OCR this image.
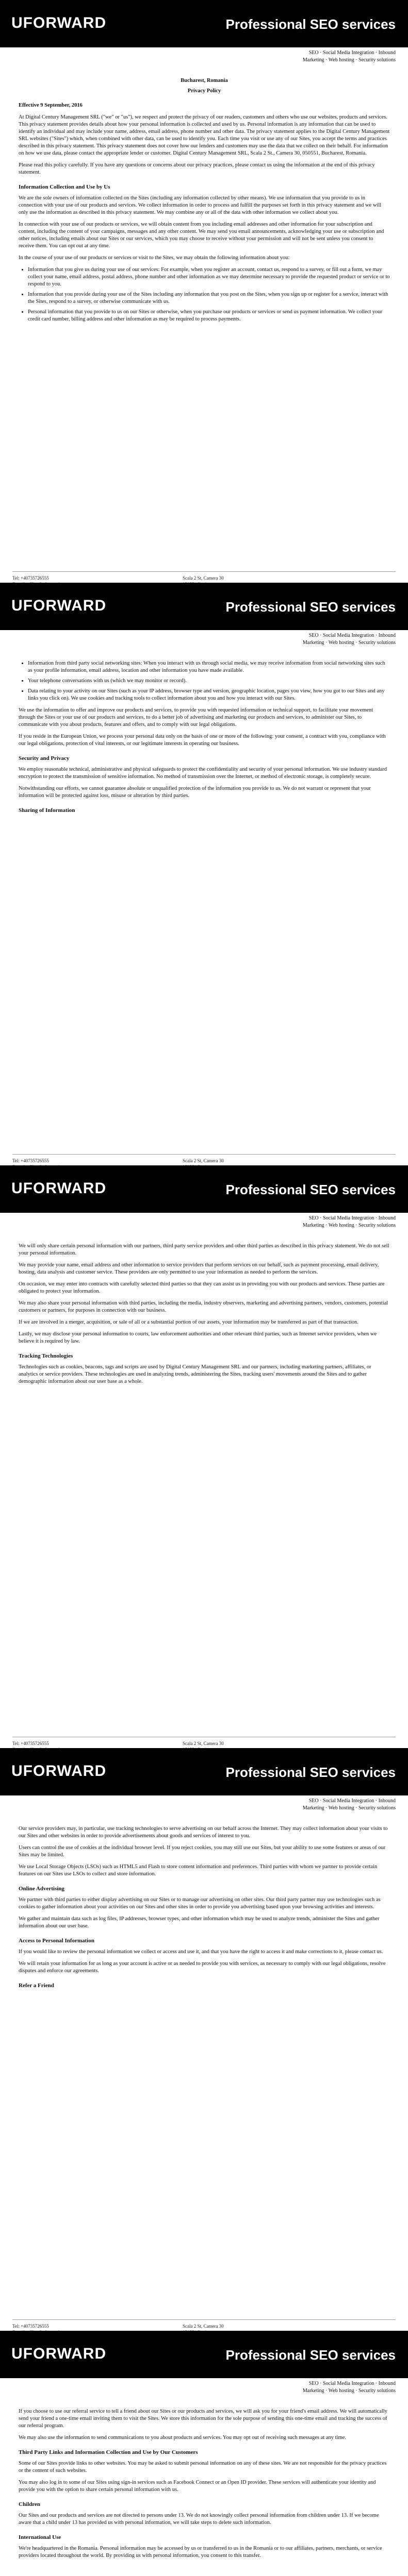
UFORWARD	Professional SEO services
SEO · Social Media Integration · Inbound
Marketing · Web hosting · Security solutions
Bucharest, Romania
Privacy Policy

Effective 9 September, 2016

At Digital Century Management SRL ("we" or "us"), we respect and protect the privacy of our readers, customers and others who use our websites, products and services. This privacy statement provides details about how your personal information is collected and used by us. Personal information is any information that can be used to identify an individual and may include your name, address, email address, phone number and other data. The privacy statement applies to the Digital Century Management SRL websites ("Sites") which, when combined with other data, can be used to identify you. Each time you visit or use any of our Sites, you accept the terms and practices described in this privacy statement. This privacy statement does not cover how our lenders and customers may use the data that we collect on their behalf. For information on how we use data, please contact the appropriate lender or customer. Digital Century Management SRL, Scala 2 St., Camera 30, 050551, Bucharest, Romania.

Please read this policy carefully. If you have any questions or concerns about our privacy practices, please contact us using the information at the end of this privacy statement.

Information Collection and Use by Us

We are the sole owners of information collected on the Sites (including any information collected by other means). We use information that you provide to us in connection with your use of our products and services. We collect information in order to process and fulfill the purposes set forth in this privacy statement and we will only use the information as described in this privacy statement. We may combine any or all of the data with other information we collect about you.

In connection with your use of our products or services, we will obtain content from you including email addresses and other information for your subscription and content, including the content of your campaigns, messages and any other content. We may send you email announcements, acknowledging your use or subscription and other notices, including emails about our Sites or our services, which you may choose to receive without your permission and will not be sent unless you consent to receive them. You can opt out at any time.

In the course of your use of our products or services or visit to the Sites, we may obtain the following information about you:

• Information that you give us during your use of our services: For example, when you register an account, contact us, respond to a survey, or fill out a form, we may collect your name, email address, postal address, phone number and other information as we may determine necessary to provide the requested product or service or to respond to you.
• Information that you provide during your use of the Sites including any information that you post on the Sites, when you sign up or register for a service, interact with the Sites, respond to a survey, or otherwise communicate with us.
• Personal information that you provide to us on our Sites or otherwise, when you purchase our products or services or send us payment information. We collect your credit card number, billing address and other information as may be required to process payments.
Tel: +40735726555	Scala 2 St, Camera 30
UFORWARD	Professional SEO services
SEO · Social Media Integration · Inbound
Marketing · Web hosting · Security solutions
• Information from third party social networking sites: When you interact with us through social media, we may receive information from social networking sites such as your profile information, email address, location and other information you have made available.
• Your telephone conversations with us (which we may monitor or record).
• Data relating to your activity on our Sites (such as your IP address, browser type and version, geographic location, pages you view, how you got to our Sites and any links you click on). We use cookies and tracking tools to collect information about you and how you interact with our Sites.

We use the information to offer and improve our products and services, to provide you with requested information or technical support, to facilitate your movement through the Sites or your use of our products and services, to do a better job of advertising and marketing our products and services, to administer our Sites, to communicate with you about products, features and offers, and to comply with our legal obligations.

If you reside in the European Union, we process your personal data only on the basis of one or more of the following: your consent, a contract with you, compliance with our legal obligations, protection of vital interests, or our legitimate interests in operating our business.

Security and Privacy

We employ reasonable technical, administrative and physical safeguards to protect the confidentiality and security of your personal information. We use industry standard encryption to protect the transmission of sensitive information. No method of transmission over the Internet, or method of electronic storage, is completely secure.

Notwithstanding our efforts, we cannot guarantee absolute or unqualified protection of the information you provide to us. We do not warrant or represent that your information will be protected against loss, misuse or alteration by third parties.

Sharing of Information
Tel: +40735726555	Scala 2 St, Camera 30
UFORWARD	Professional SEO services
SEO · Social Media Integration · Inbound
Marketing · Web hosting · Security solutions

We will only share certain personal information with our partners, third party service providers and other third parties as described in this privacy statement. We do not sell your personal information.

We may provide your name, email address and other information to service providers that perform services on our behalf, such as payment processing, email delivery, hosting, data analysis and customer service. These providers are only permitted to use your information as needed to perform the services.

On occasion, we may enter into contracts with carefully selected third parties so that they can assist us in providing you with our products and services. These parties are obligated to protect your information.

We may also share your personal information with third parties, including the media, industry observers, marketing and advertising partners, vendors, customers, potential customers or partners, for purposes in connection with our business.

If we are involved in a merger, acquisition, or sale of all or a substantial portion of our assets, your information may be transferred as part of that transaction.

Lastly, we may disclose your personal information to courts, law enforcement authorities and other relevant third parties, such as Internet service providers, when we believe it is required by law.

Tracking Technologies

Technologies such as cookies, beacons, tags and scripts are used by Digital Century Management SRL and our partners, including marketing partners, affiliates, or analytics or service providers. These technologies are used in analyzing trends, administering the Sites, tracking users' movements around the Sites and to gather demographic information about our user base as a whole.

Tel: +40735726555	Scala 2 St, Camera 30
UFORWARD	Professional SEO services
SEO · Social Media Integration · Inbound
Marketing · Web hosting · Security solutions

Our service providers may, in particular, use tracking technologies to serve advertising on our behalf across the Internet. They may collect information about your visits to our Sites and other websites in order to provide advertisements about goods and services of interest to you.

Users can control the use of cookies at the individual browser level. If you reject cookies, you may still use our Sites, but your ability to use some features or areas of our Sites may be limited.

We use Local Storage Objects (LSOs) such as HTML5 and Flash to store content information and preferences. Third parties with whom we partner to provide certain features on our Sites use LSOs to collect and store information.

Online Advertising

We partner with third parties to either display advertising on our Sites or to manage our advertising on other sites. Our third party partner may use technologies such as cookies to gather information about your activities on our Sites and other sites in order to provide you advertising based upon your browsing activities and interests.

We gather and maintain data such as log files, IP addresses, browser types, and other information which may be used to analyze trends, administer the Sites and gather information about our user base.

Access to Personal Information

If you would like to review the personal information we collect or access and use it, and that you have the right to access it and make corrections to it, please contact us.

We will retain your information for as long as your account is active or as needed to provide you with services, as necessary to comply with our legal obligations, resolve disputes and enforce our agreements.

Refer a Friend
Tel: +40735726555	Scala 2 St, Camera 30
UFORWARD	Professional SEO services
SEO · Social Media Integration · Inbound
Marketing · Web hosting · Security solutions

If you choose to use our referral service to tell a friend about our Sites or our products and services, we will ask you for your friend's email address. We will automatically send your friend a one-time email inviting them to visit the Sites. We store this information for the sole purpose of sending this one-time email and tracking the success of our referral program.

We may also use the information to send communications to you about products and services. You may opt out of receiving such messages at any time.

Third Party Links and Information Collection and Use by Our Customers

Some of our Sites provide links to other websites. You may be asked to submit personal information on any of these sites. We are not responsible for the privacy practices or the content of such websites.

You may also log in to some of our Sites using sign-in services such as Facebook Connect or an Open ID provider. These services will authenticate your identity and provide you with the option to share certain personal information with us.

Children

Our Sites and our products and services are not directed to persons under 13. We do not knowingly collect personal information from children under 13. If we become aware that a child under 13 has provided us with personal information, we will take steps to delete such information.

International Use

We're headquartered in the Romania. Personal information may be accessed by us or transferred to us in the Romania or to our affiliates, partners, merchants, or service providers located throughout the world. By providing us with personal information, you consent to this transfer.
